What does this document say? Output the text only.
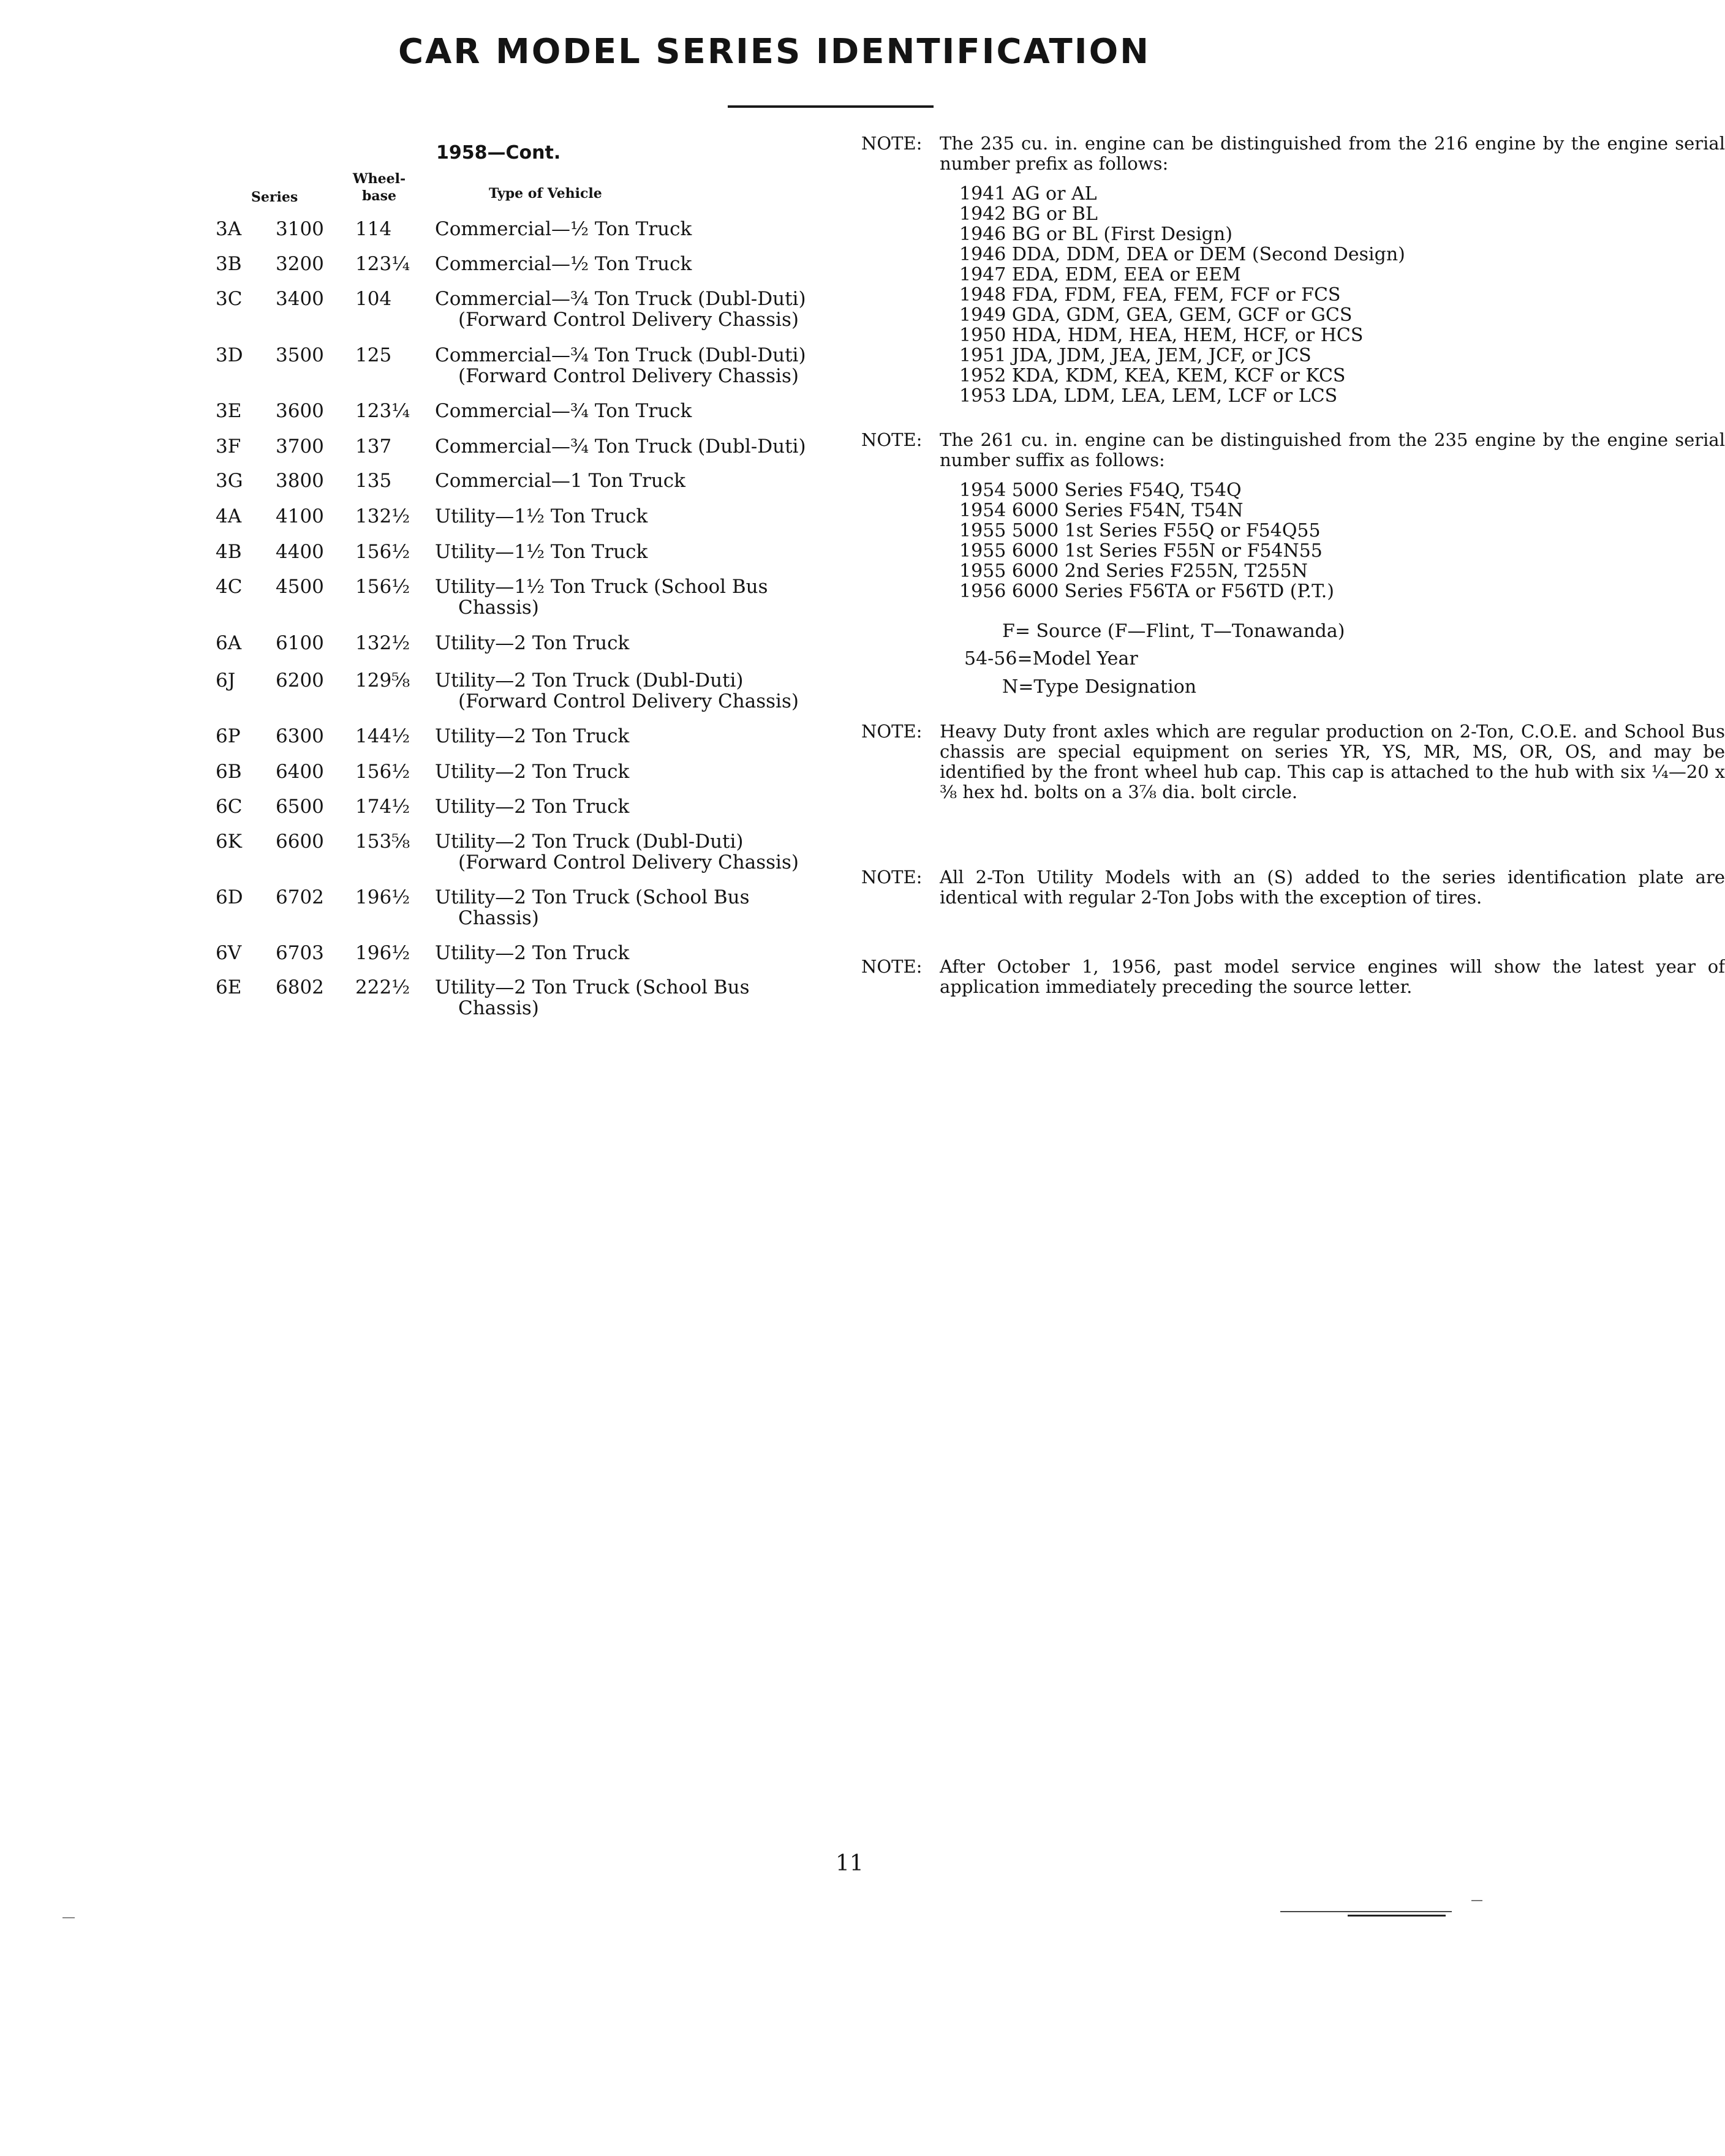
CAR MODEL SERIES IDENTIFICATION
1958—Cont.
Series
Wheel-
base	Type of Vehicle
3A 3100 114 Commercial—½ Ton Truck
3B 3200 123¼ Commercial—½ Ton Truck
3C 3400 104 Commercial—¾ Ton Truck (Dubl-Duti)
(Forward Control Delivery Chassis)
3D 3500 125 Commercial—¾ Ton Truck (Dubl-Duti)
(Forward Control Delivery Chassis)
3E 3600 123¼ Commercial—¾ Ton Truck
3F 3700 137 Commercial—¾ Ton Truck (Dubl-Duti)
3G 3800 135 Commercial—1 Ton Truck
4A 4100 132½ Utility—1½ Ton Truck
4B 4400 156½ Utility—1½ Ton Truck
4C 4500 156½ Utility—1½ Ton Truck (School Bus
Chassis)
6A 6100 132½ Utility—2 Ton Truck
6J 6200 129⅝ Utility—2 Ton Truck (Dubl-Duti)
(Forward Control Delivery Chassis)
6P 6300 144½ Utility—2 Ton Truck
6B 6400 156½ Utility—2 Ton Truck
6C 6500 174½ Utility—2 Ton Truck
6K 6600 153⅝ Utility—2 Ton Truck (Dubl-Duti)
(Forward Control Delivery Chassis)
6D 6702 196½ Utility—2 Ton Truck (School Bus
Chassis)
6V 6703 196½ Utility—2 Ton Truck
6E 6802 222½ Utility—2 Ton Truck (School Bus
Chassis)
NOTE: The 235 cu. in. engine can be distinguished from the 216 engine by the engine serial number prefix as follows:
1941 AG or AL
1942 BG or BL
1946 BG or BL (First Design)
1946 DDA, DDM, DEA or DEM (Second Design)
1947 EDA, EDM, EEA or EEM
1948 FDA, FDM, FEA, FEM, FCF or FCS
1949 GDA, GDM, GEA, GEM, GCF or GCS
1950 HDA, HDM, HEA, HEM, HCF, or HCS
1951 JDA, JDM, JEA, JEM, JCF, or JCS
1952 KDA, KDM, KEA, KEM, KCF or KCS
1953 LDA, LDM, LEA, LEM, LCF or LCS
NOTE: The 261 cu. in. engine can be distinguished from the 235 engine by the engine serial number suffix as follows:
1954 5000 Series F54Q, T54Q
1954 6000 Series F54N, T54N
1955 5000 1st Series F55Q or F54Q55
1955 6000 1st Series F55N or F54N55
1955 6000 2nd Series F255N, T255N
1956 6000 Series F56TA or F56TD (P.T.)
F= Source (F—Flint, T—Tonawanda)
54-56=Model Year
N=Type Designation
NOTE: Heavy Duty front axles which are regular production on 2-Ton, C.O.E. and School Bus chassis are special equipment on series YR, YS, MR, MS, OR, OS, and may be identified by the front wheel hub cap. This cap is attached to the hub with six ¼—20 x ⅜ hex hd. bolts on a 3⅞ dia. bolt circle.
NOTE: All 2-Ton Utility Models with an (S) added to the series identification plate are identical with regular 2-Ton Jobs with the exception of tires.
NOTE: After October 1, 1956, past model service engines will show the latest year of application immediately preceding the source letter.
11
